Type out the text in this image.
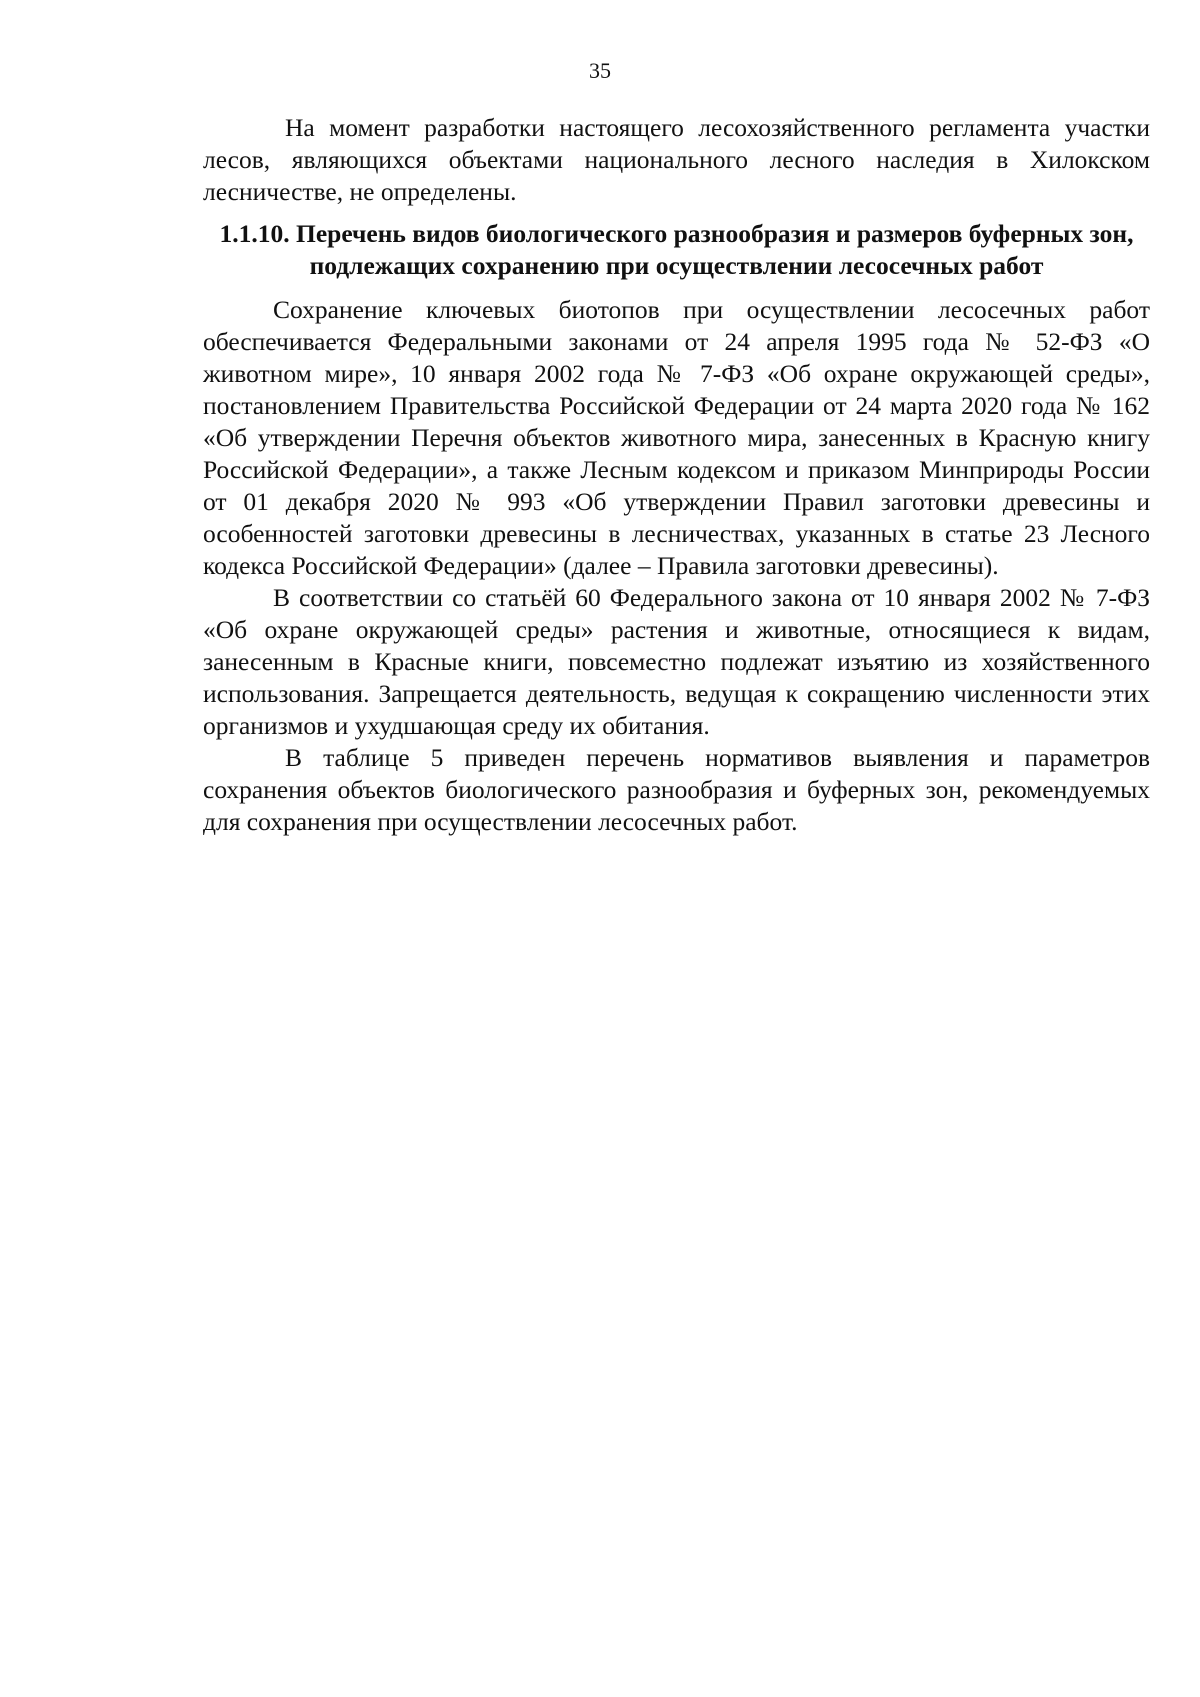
35

На момент разработки настоящего лесохозяйственного регламента участки лесов, являющихся объектами национального лесного наследия в Хилокском лесничестве, не определены.

1.1.10. Перечень видов биологического разнообразия и размеров буферных зон, подлежащих сохранению при осуществлении лесосечных работ

Сохранение ключевых биотопов при осуществлении лесосечных работ обеспечивается Федеральными законами от 24 апреля 1995 года № 52-ФЗ «О животном мире», 10 января 2002 года № 7-ФЗ «Об охране окружающей среды», постановлением Правительства Российской Федерации от 24 марта 2020 года № 162 «Об утверждении Перечня объектов животного мира, занесенных в Красную книгу Российской Федерации», а также Лесным кодексом и приказом Минприроды России от 01 декабря 2020 № 993 «Об утверждении Правил заготовки древесины и особенностей заготовки древесины в лесничествах, указанных в статье 23 Лесного кодекса Российской Федерации» (далее – Правила заготовки древесины).

В соответствии со статьёй 60 Федерального закона от 10 января 2002 № 7-ФЗ «Об охране окружающей среды» растения и животные, относящиеся к видам, занесенным в Красные книги, повсеместно подлежат изъятию из хозяйственного использования. Запрещается деятельность, ведущая к сокращению численности этих организмов и ухудшающая среду их обитания.

В таблице 5 приведен перечень нормативов выявления и параметров сохранения объектов биологического разнообразия и буферных зон, рекомендуемых для сохранения при осуществлении лесосечных работ.
